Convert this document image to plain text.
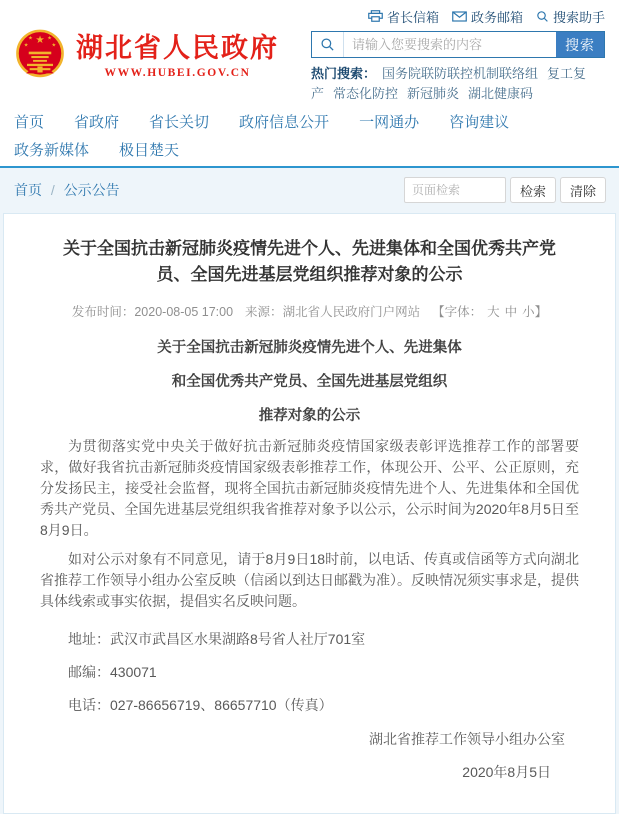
★
★ ★
★	★ 湖北省人民政府
WWW.HUBEI.GOV.CN
省长信箱 政务邮箱 搜索助手
请输入您要搜索的内容
搜索
热门搜索： 国务院联防联控机制联络组 复工复产 常态化防控 新冠肺炎 湖北健康码
首页 省政府 省长关切 政府信息公开 一网通办 咨询建议
政务新媒体 极目楚天
首页 / 公示公告
页面检索	检索	清除
关于全国抗击新冠肺炎疫情先进个人、先进集体和全国优秀共产党员、全国先进基层党组织推荐对象的公示
发布时间：2020-08-05 17:00 来源：湖北省人民政府门户网站 【字体： 大 中 小】

关于全国抗击新冠肺炎疫情先进个人、先进集体

和全国优秀共产党员、全国先进基层党组织

推荐对象的公示

为贯彻落实党中央关于做好抗击新冠肺炎疫情国家级表彰评选推荐工作的部署要求，做好我省抗击新冠肺炎疫情国家级表彰推荐工作，体现公开、公平、公正原则，充分发扬民主，接受社会监督，现将全国抗击新冠肺炎疫情先进个人、先进集体和全国优秀共产党员、全国先进基层党组织我省推荐对象予以公示，公示时间为2020年8月5日至8月9日。

如对公示对象有不同意见，请于8月9日18时前，以电话、传真或信函等方式向湖北省推荐工作领导小组办公室反映（信函以到达日邮戳为准）。反映情况须实事求是，提供具体线索或事实依据，提倡实名反映问题。

地址：武汉市武昌区水果湖路8号省人社厅701室

邮编：430071

电话：027-86656719、86657710（传真）

湖北省推荐工作领导小组办公室

2020年8月5日
